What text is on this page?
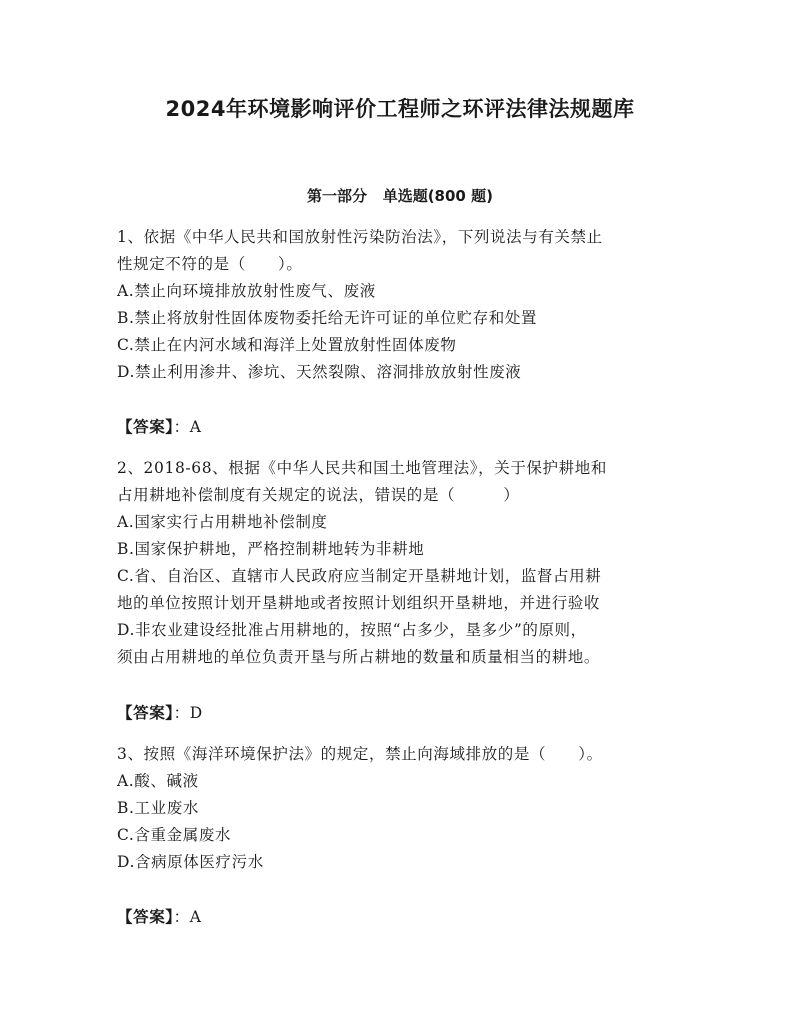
2024年环境影响评价工程师之环评法律法规题库
第一部分   单选题(800 题)
1、依据《中华人民共和国放射性污染防治法》，下列说法与有关禁止
性规定不符的是（　　）。
A.禁止向环境排放放射性废气、废液
B.禁止将放射性固体废物委托给无许可证的单位贮存和处置
C.禁止在内河水域和海洋上处置放射性固体废物
D.禁止利用渗井、渗坑、天然裂隙、溶洞排放放射性废液
【答案】：A
2、2018-68、根据《中华人民共和国土地管理法》，关于保护耕地和
占用耕地补偿制度有关规定的说法，错误的是（　　　）
A.国家实行占用耕地补偿制度
B.国家保护耕地，严格控制耕地转为非耕地
C.省、自治区、直辖市人民政府应当制定开垦耕地计划，监督占用耕
地的单位按照计划开垦耕地或者按照计划组织开垦耕地，并进行验收
D.非农业建设经批准占用耕地的，按照“占多少，垦多少”的原则，
须由占用耕地的单位负责开垦与所占耕地的数量和质量相当的耕地。
【答案】：D
3、按照《海洋环境保护法》的规定，禁止向海域排放的是（　　）。
A.酸、碱液
B.工业废水
C.含重金属废水
D.含病原体医疗污水
【答案】：A
